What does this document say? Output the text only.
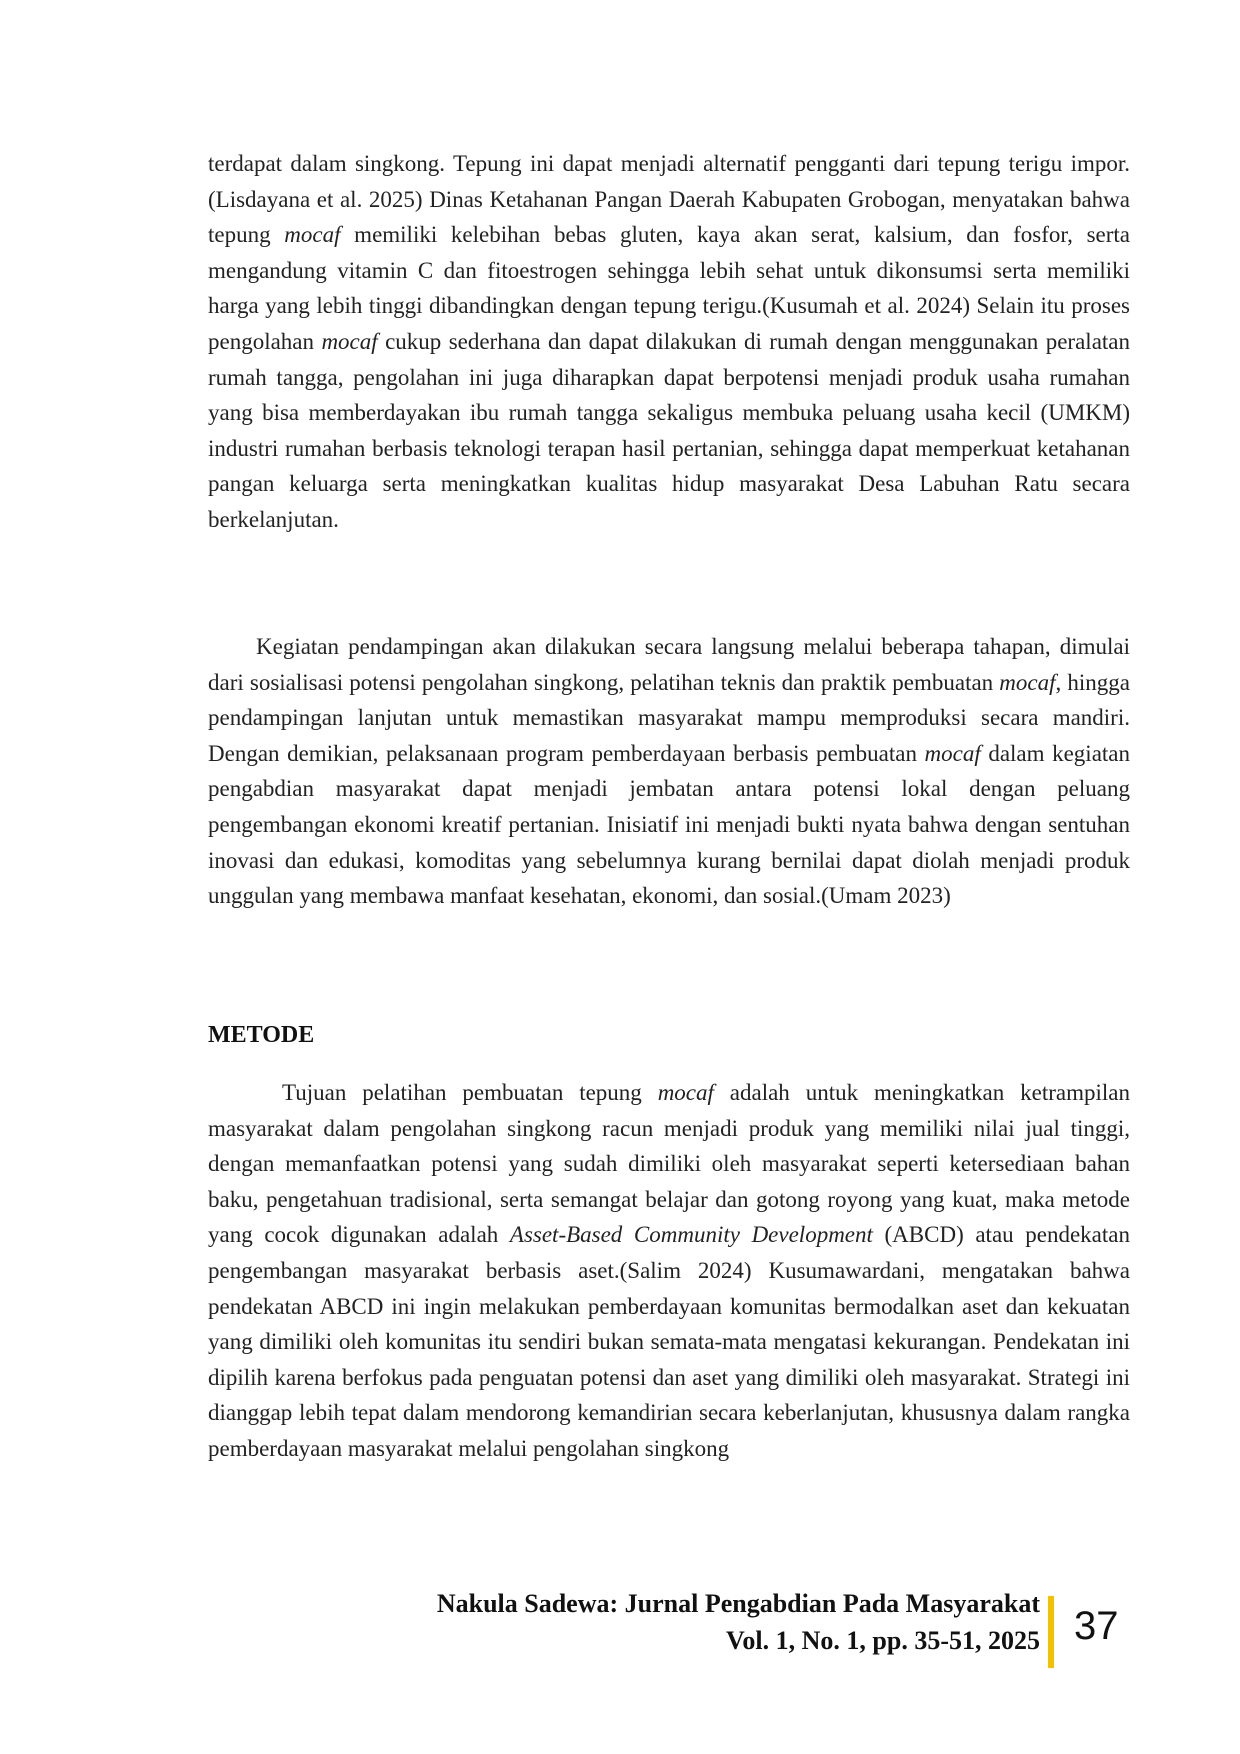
terdapat dalam singkong. Tepung ini dapat menjadi alternatif pengganti dari tepung terigu impor.(Lisdayana et al. 2025) Dinas Ketahanan Pangan Daerah Kabupaten Grobogan, menyatakan bahwa tepung mocaf memiliki kelebihan bebas gluten, kaya akan serat, kalsium, dan fosfor, serta mengandung vitamin C dan fitoestrogen sehingga lebih sehat untuk dikonsumsi serta memiliki harga yang lebih tinggi dibandingkan dengan tepung terigu.(Kusumah et al. 2024) Selain itu proses pengolahan mocaf cukup sederhana dan dapat dilakukan di rumah dengan menggunakan peralatan rumah tangga, pengolahan ini juga diharapkan dapat berpotensi menjadi produk usaha rumahan yang bisa memberdayakan ibu rumah tangga sekaligus membuka peluang usaha kecil (UMKM) industri rumahan berbasis teknologi terapan hasil pertanian, sehingga dapat memperkuat ketahanan pangan keluarga serta meningkatkan kualitas hidup masyarakat Desa Labuhan Ratu secara berkelanjutan.

Kegiatan pendampingan akan dilakukan secara langsung melalui beberapa tahapan, dimulai dari sosialisasi potensi pengolahan singkong, pelatihan teknis dan praktik pembuatan mocaf, hingga pendampingan lanjutan untuk memastikan masyarakat mampu memproduksi secara mandiri. Dengan demikian, pelaksanaan program pemberdayaan berbasis pembuatan mocaf dalam kegiatan pengabdian masyarakat dapat menjadi jembatan antara potensi lokal dengan peluang pengembangan ekonomi kreatif pertanian. Inisiatif ini menjadi bukti nyata bahwa dengan sentuhan inovasi dan edukasi, komoditas yang sebelumnya kurang bernilai dapat diolah menjadi produk unggulan yang membawa manfaat kesehatan, ekonomi, dan sosial.(Umam 2023)

METODE

Tujuan pelatihan pembuatan tepung mocaf adalah untuk meningkatkan ketrampilan masyarakat dalam pengolahan singkong racun menjadi produk yang memiliki nilai jual tinggi, dengan memanfaatkan potensi yang sudah dimiliki oleh masyarakat seperti ketersediaan bahan baku, pengetahuan tradisional, serta semangat belajar dan gotong royong yang kuat, maka metode yang cocok digunakan adalah Asset-Based Community Development (ABCD) atau pendekatan pengembangan masyarakat berbasis aset.(Salim 2024) Kusumawardani, mengatakan bahwa pendekatan ABCD ini ingin melakukan pemberdayaan komunitas bermodalkan aset dan kekuatan yang dimiliki oleh komunitas itu sendiri bukan semata-mata mengatasi kekurangan. Pendekatan ini dipilih karena berfokus pada penguatan potensi dan aset yang dimiliki oleh masyarakat. Strategi ini dianggap lebih tepat dalam mendorong kemandirian secara keberlanjutan, khususnya dalam rangka pemberdayaan masyarakat melalui pengolahan singkong

Nakula Sadewa: Jurnal Pengabdian Pada Masyarakat
Vol. 1, No. 1, pp. 35-51, 2025 37
